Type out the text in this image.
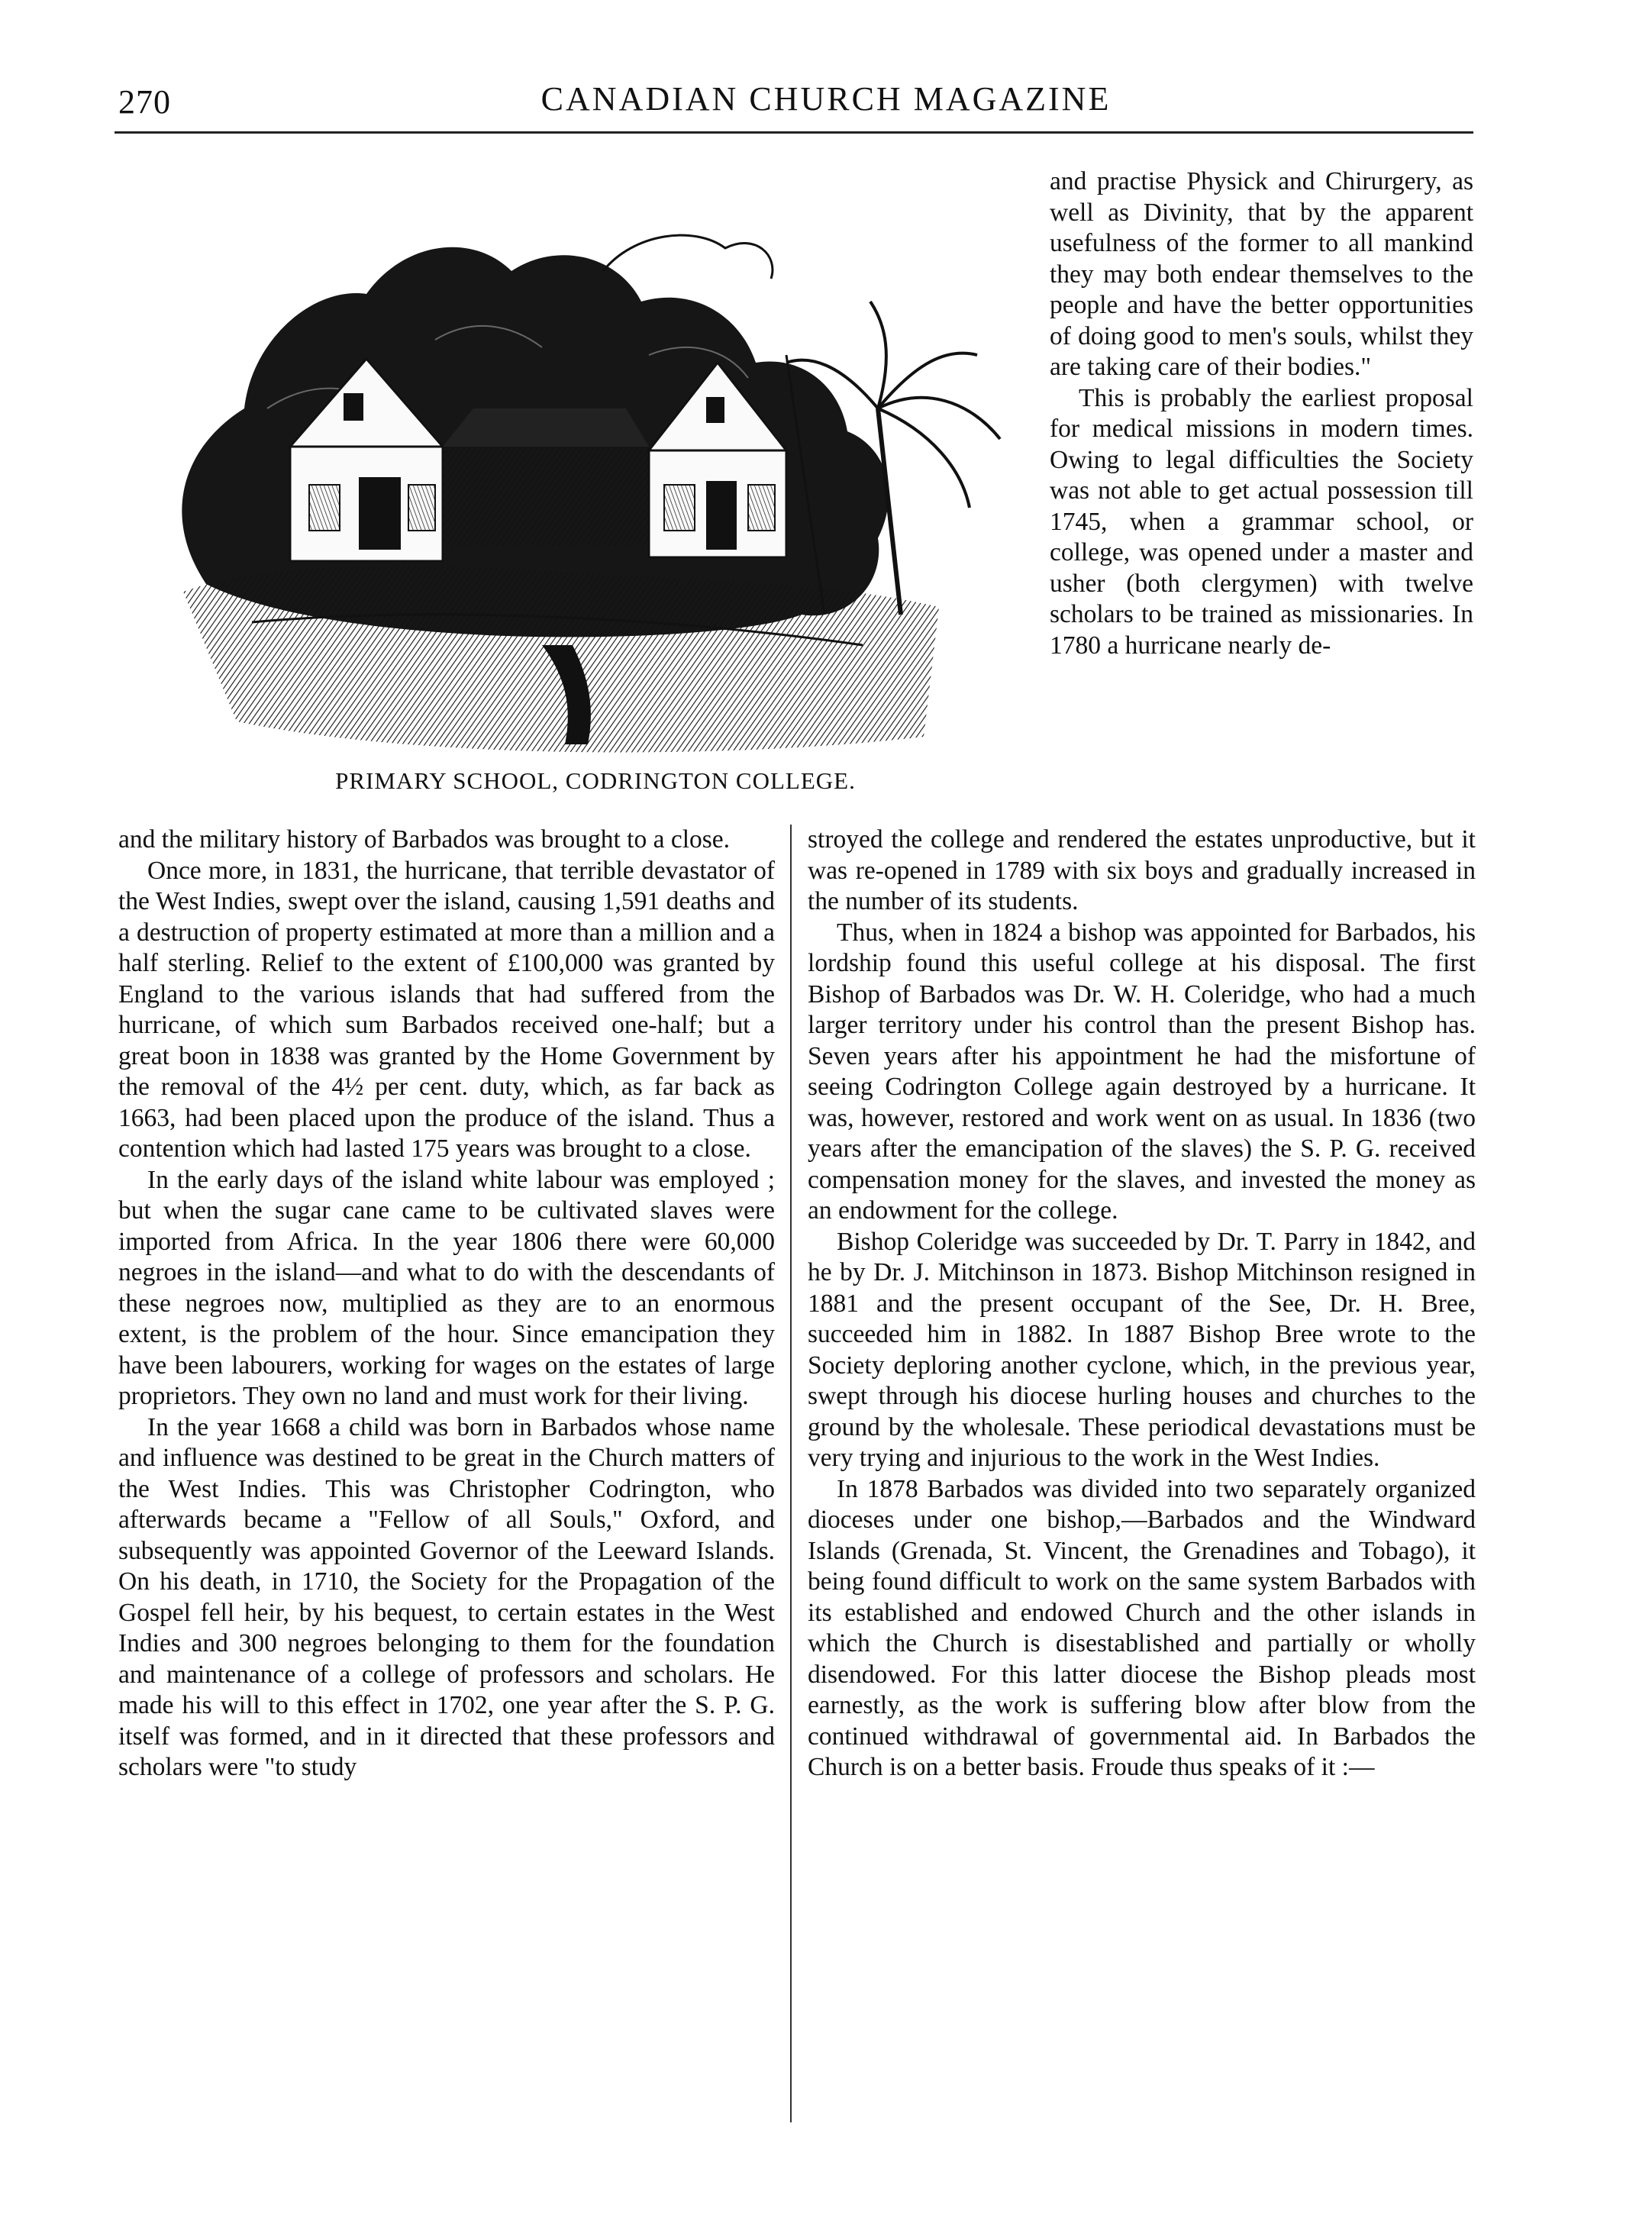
270	CANADIAN CHURCH MAGAZINE
PRIMARY SCHOOL, CODRINGTON COLLEGE.

and practise Physick and Chirurgery, as well as Divinity, that by the apparent usefulness of the former to all mankind they may both endear themselves to the people and have the better opportunities of doing good to men's souls, whilst they are taking care of their bodies."

This is probably the earliest proposal for medical missions in modern times. Owing to legal difficulties the Society was not able to get actual possession till 1745, when a grammar school, or college, was opened under a master and usher (both clergymen) with twelve scholars to be trained as missionaries. In 1780 a hurricane nearly de-

and the military history of Barbados was brought to a close.

Once more, in 1831, the hurricane, that terrible devastator of the West Indies, swept over the island, causing 1,591 deaths and a destruction of property estimated at more than a million and a half sterling. Relief to the extent of £100,000 was granted by England to the various islands that had suffered from the hurricane, of which sum Barbados received one-half; but a great boon in 1838 was granted by the Home Government by the removal of the 4½ per cent. duty, which, as far back as 1663, had been placed upon the produce of the island. Thus a contention which had lasted 175 years was brought to a close.

In the early days of the island white labour was employed ; but when the sugar cane came to be cultivated slaves were imported from Africa. In the year 1806 there were 60,000 negroes in the island—and what to do with the descendants of these negroes now, multiplied as they are to an enormous extent, is the problem of the hour. Since emancipation they have been labourers, working for wages on the estates of large proprietors. They own no land and must work for their living.

In the year 1668 a child was born in Barbados whose name and influence was destined to be great in the Church matters of the West Indies. This was Christopher Codrington, who afterwards became a "Fellow of all Souls," Oxford, and subsequently was appointed Governor of the Leeward Islands. On his death, in 1710, the Society for the Propagation of the Gospel fell heir, by his bequest, to certain estates in the West Indies and 300 negroes belonging to them for the foundation and maintenance of a college of professors and scholars. He made his will to this effect in 1702, one year after the S. P. G. itself was formed, and in it directed that these professors and scholars were "to study

stroyed the college and rendered the estates unproductive, but it was re-opened in 1789 with six boys and gradually increased in the number of its students.

Thus, when in 1824 a bishop was appointed for Barbados, his lordship found this useful college at his disposal. The first Bishop of Barbados was Dr. W. H. Coleridge, who had a much larger territory under his control than the present Bishop has. Seven years after his appointment he had the misfortune of seeing Codrington College again destroyed by a hurricane. It was, however, restored and work went on as usual. In 1836 (two years after the emancipation of the slaves) the S. P. G. received compensation money for the slaves, and invested the money as an endowment for the college.

Bishop Coleridge was succeeded by Dr. T. Parry in 1842, and he by Dr. J. Mitchinson in 1873. Bishop Mitchinson resigned in 1881 and the present occupant of the See, Dr. H. Bree, succeeded him in 1882. In 1887 Bishop Bree wrote to the Society deploring another cyclone, which, in the previous year, swept through his diocese hurling houses and churches to the ground by the wholesale. These periodical devastations must be very trying and injurious to the work in the West Indies.

In 1878 Barbados was divided into two separately organized dioceses under one bishop,—Barbados and the Windward Islands (Grenada, St. Vincent, the Grenadines and Tobago), it being found difficult to work on the same system Barbados with its established and endowed Church and the other islands in which the Church is disestablished and partially or wholly disendowed. For this latter diocese the Bishop pleads most earnestly, as the work is suffering blow after blow from the continued withdrawal of governmental aid. In Barbados the Church is on a better basis. Froude thus speaks of it :—
